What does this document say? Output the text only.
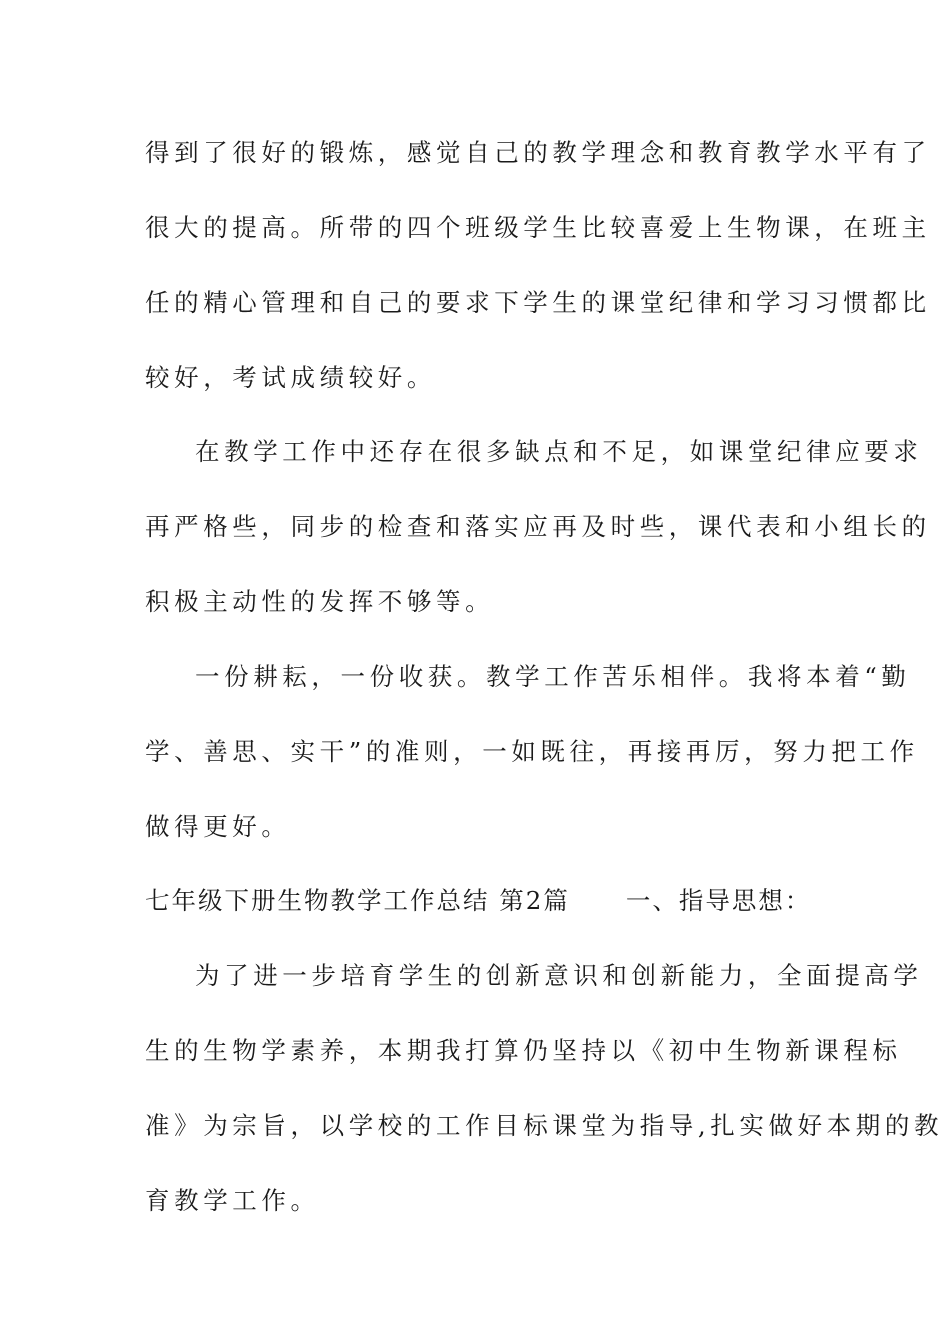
得到了很好的锻炼，感觉自己的教学理念和教育教学水平有了
很大的提高。所带的四个班级学生比较喜爱上生物课，在班主
任的精心管理和自己的要求下学生的课堂纪律和学习习惯都比
较好，考试成绩较好。
在教学工作中还存在很多缺点和不足，如课堂纪律应要求
再严格些，同步的检查和落实应再及时些，课代表和小组长的
积极主动性的发挥不够等。
一份耕耘，一份收获。教学工作苦乐相伴。我将本着“勤
学、善思、实干”的准则，一如既往，再接再厉，努力把工作
做得更好。
七年级下册生物教学工作总结 第2篇 一、指导思想：
为了进一步培育学生的创新意识和创新能力，全面提高学
生的生物学素养，本期我打算仍坚持以《初中生物新课程标
准》为宗旨，以学校的工作目标课堂为指导,扎实做好本期的教
育教学工作。
